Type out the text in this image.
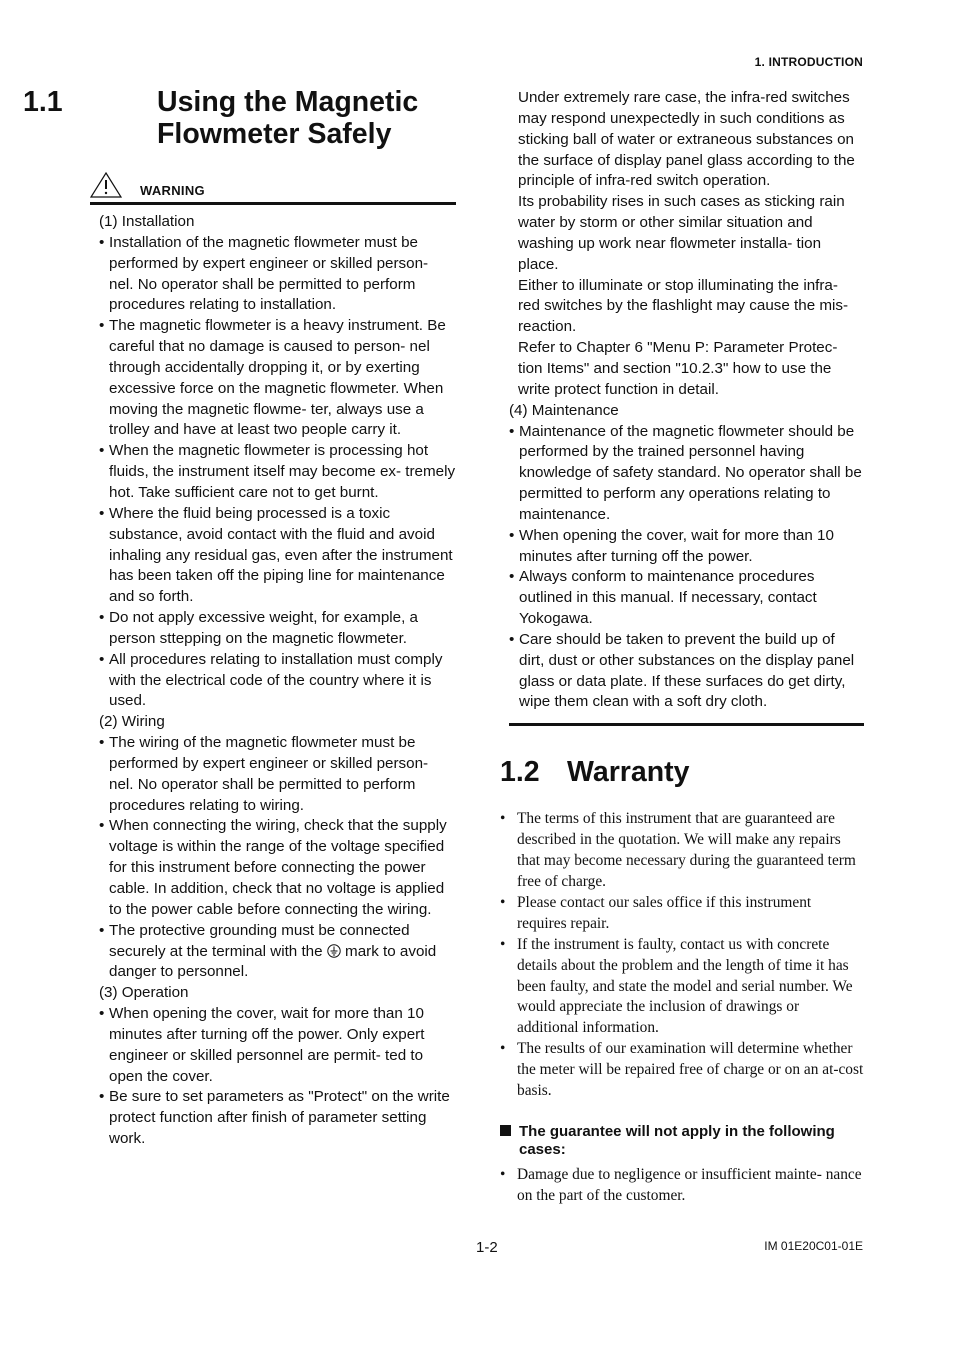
1. INTRODUCTION
1.1	Using the Magnetic Flowmeter Safely
WARNING
(1) Installation
• Installation of the magnetic flowmeter must be performed by expert engineer or skilled person- nel. No operator shall be permitted to perform procedures relating to installation.
• The magnetic flowmeter is a heavy instrument. Be careful that no damage is caused to person- nel through accidentally dropping it, or by exerting excessive force on the magnetic flowmeter. When moving the magnetic flowme- ter, always use a trolley and have at least two people carry it.
• When the magnetic flowmeter is processing hot fluids, the instrument itself may become ex- tremely hot. Take sufficient care not to get burnt.
• Where the fluid being processed is a toxic substance, avoid contact with the fluid and avoid inhaling any residual gas, even after the instrument has been taken off the piping line for maintenance and so forth.
• Do not apply excessive weight, for example, a person sttepping on the magnetic flowmeter.
• All procedures relating to installation must comply with the electrical code of the country where it is used.
(2) Wiring
• The wiring of the magnetic flowmeter must be performed by expert engineer or skilled person- nel. No operator shall be permitted to perform procedures relating to wiring.
• When connecting the wiring, check that the supply voltage is within the range of the voltage specified for this instrument before connecting the power cable. In addition, check that no voltage is applied to the power cable before connecting the wiring.
• The protective grounding must be connected securely at the terminal with the mark to avoid danger to personnel.
(3) Operation
• When opening the cover, wait for more than 10 minutes after turning off the power. Only expert engineer or skilled personnel are permit- ted to open the cover.
• Be sure to set parameters as "Protect" on the write protect function after finish of parameter setting work.
Under extremely rare case, the infra-red switches may respond unexpectedly in such conditions as sticking ball of water or extraneous substances on the surface of display panel glass according to the principle of infra-red switch operation.
Its probability rises in such cases as sticking rain water by storm or other similar situation and washing up work near flowmeter installa- tion place.
Either to illuminate or stop illuminating the infra- red switches by the flashlight may cause the mis-reaction.
Refer to Chapter 6 "Menu P: Parameter Protec- tion Items" and section "10.2.3" how to use the write protect function in detail.
(4) Maintenance
• Maintenance of the magnetic flowmeter should be performed by the trained personnel having knowledge of safety standard. No operator shall be permitted to perform any operations relating to maintenance.
• When opening the cover, wait for more than 10 minutes after turning off the power.
• Always conform to maintenance procedures outlined in this manual. If necessary, contact Yokogawa.
• Care should be taken to prevent the build up of dirt, dust or other substances on the display panel glass or data plate. If these surfaces do get dirty, wipe them clean with a soft dry cloth.
1.2 Warranty
• The terms of this instrument that are guaranteed are described in the quotation. We will make any repairs that may become necessary during the guaranteed term free of charge.
• Please contact our sales office if this instrument requires repair.
• If the instrument is faulty, contact us with concrete details about the problem and the length of time it has been faulty, and state the model and serial number. We would appreciate the inclusion of drawings or additional information.
• The results of our examination will determine whether the meter will be repaired free of charge or on an at-cost basis.
The guarantee will not apply in the following cases:
• Damage due to negligence or insufficient mainte- nance on the part of the customer.
1-2	IM 01E20C01-01E
